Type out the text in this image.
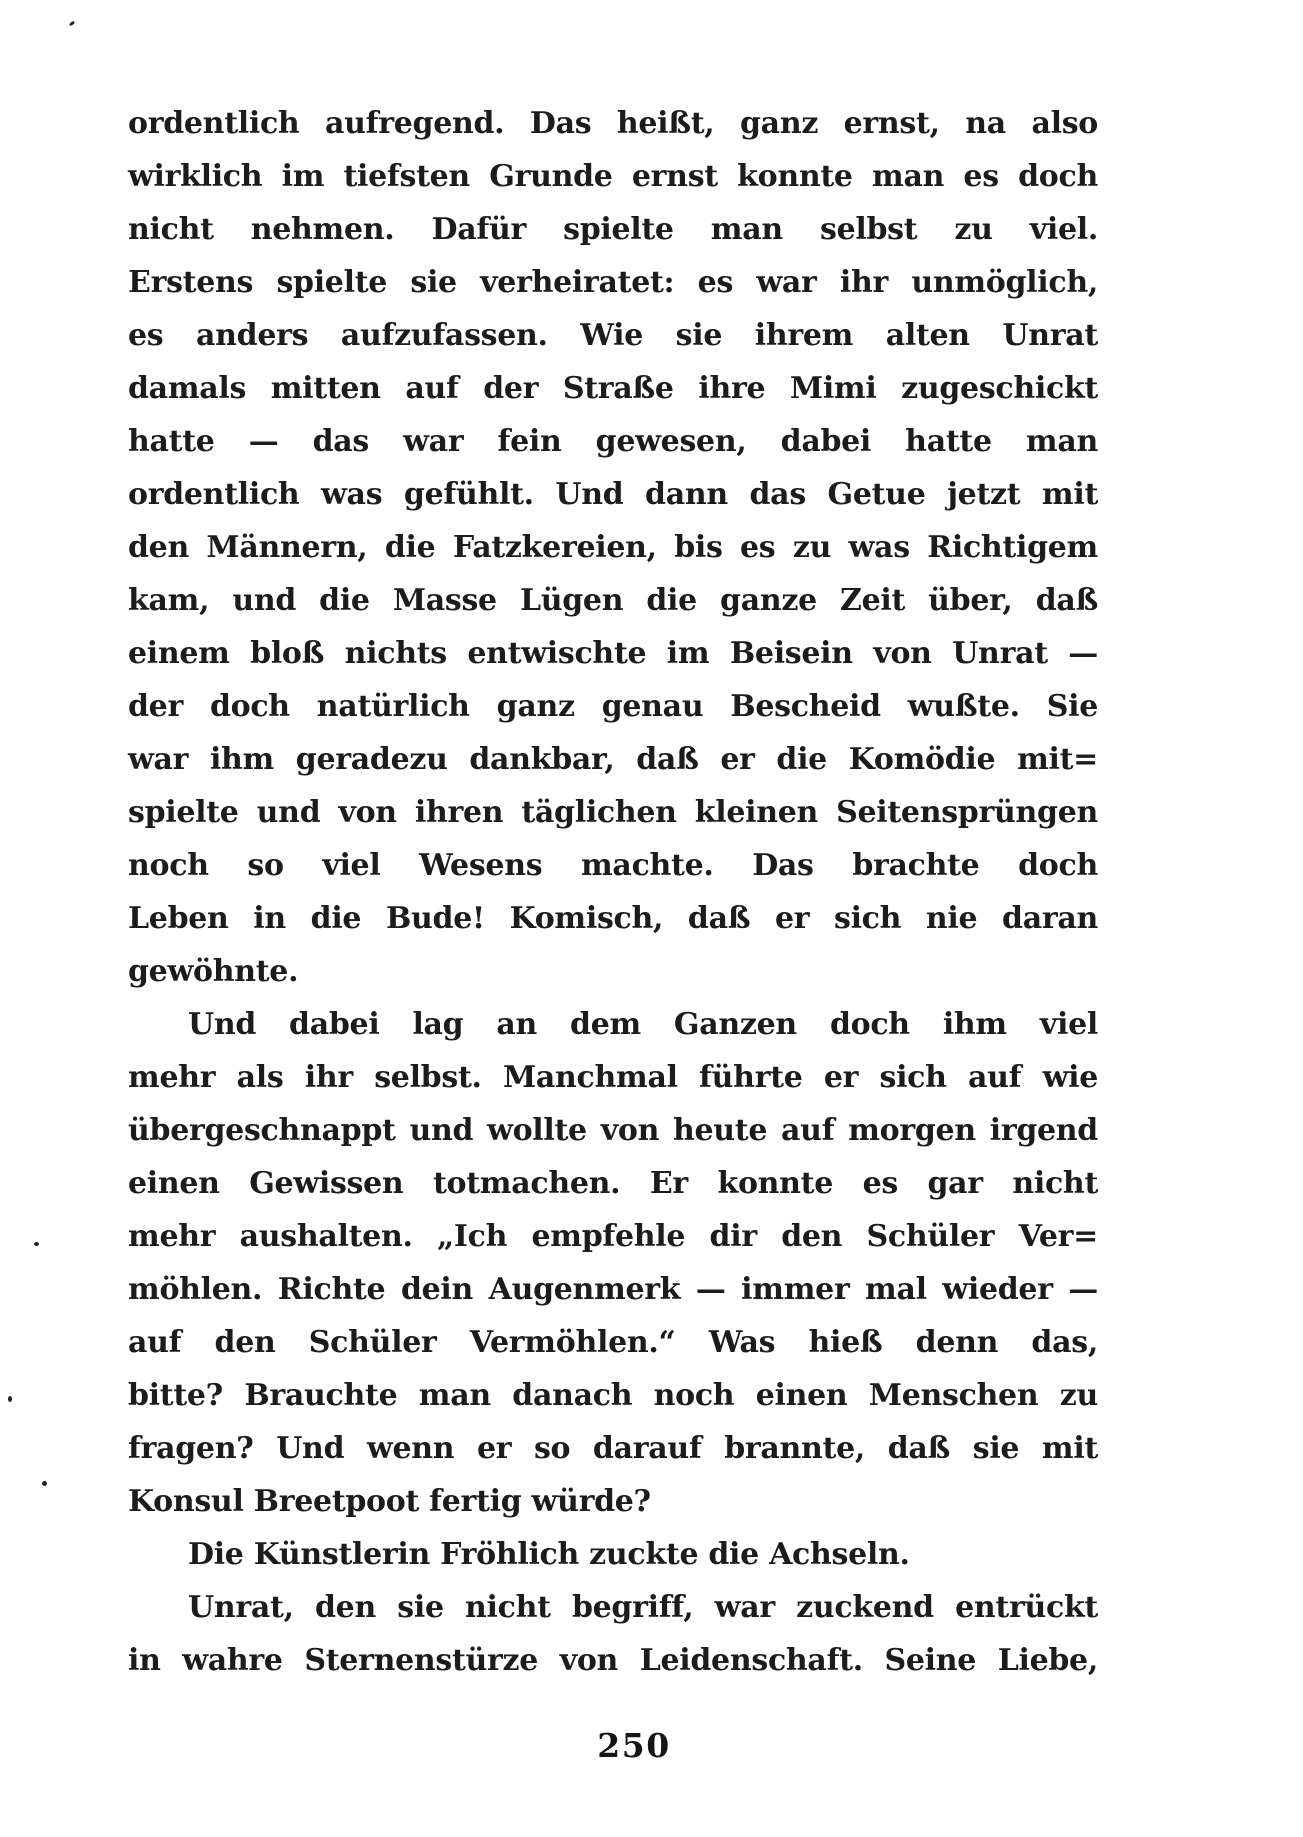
ordentlich aufregend. Das heißt, ganz ernst, na also
wirklich im tiefsten Grunde ernst konnte man es doch
nicht nehmen. Dafür spielte man selbst zu viel.
Erstens spielte sie verheiratet: es war ihr unmöglich,
es anders aufzufassen. Wie sie ihrem alten Unrat
damals mitten auf der Straße ihre Mimi zugeschickt
hatte — das war fein gewesen, dabei hatte man
ordentlich was gefühlt. Und dann das Getue jetzt mit
den Männern, die Fatzkereien, bis es zu was Richtigem
kam, und die Masse Lügen die ganze Zeit über, daß
einem bloß nichts entwischte im Beisein von Unrat —
der doch natürlich ganz genau Bescheid wußte. Sie
war ihm geradezu dankbar, daß er die Komödie mit=
spielte und von ihren täglichen kleinen Seitensprüngen
noch so viel Wesens machte. Das brachte doch
Leben in die Bude! Komisch, daß er sich nie daran
gewöhnte.
Und dabei lag an dem Ganzen doch ihm viel
mehr als ihr selbst. Manchmal führte er sich auf wie
übergeschnappt und wollte von heute auf morgen irgend
einen Gewissen totmachen. Er konnte es gar nicht
mehr aushalten. „Ich empfehle dir den Schüler Ver=
möhlen. Richte dein Augenmerk — immer mal wieder —
auf den Schüler Vermöhlen.“ Was hieß denn das,
bitte? Brauchte man danach noch einen Menschen zu
fragen? Und wenn er so darauf brannte, daß sie mit
Konsul Breetpoot fertig würde?
Die Künstlerin Fröhlich zuckte die Achseln.
Unrat, den sie nicht begriff, war zuckend entrückt
in wahre Sternenstürze von Leidenschaft. Seine Liebe,
250
